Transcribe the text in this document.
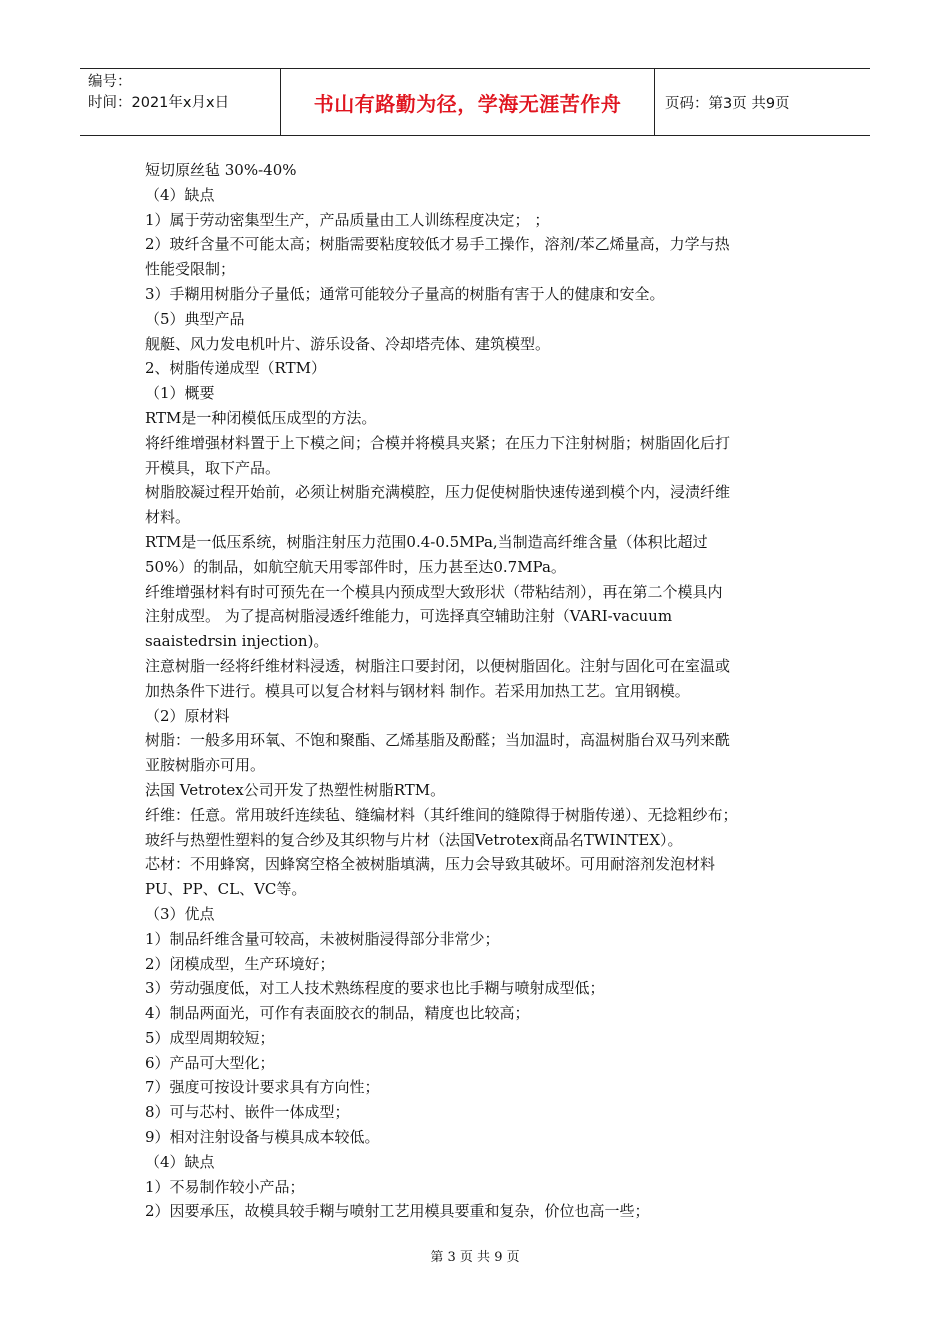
编号：
时间：2021年x月x日	书山有路勤为径，学海无涯苦作舟	页码：第3页 共9页

短切原丝毡 30%-40%

（4）缺点

1）属于劳动密集型生产，产品质量由工人训练程度决定； ；

2）玻纤含量不可能太高；树脂需要粘度较低才易手工操作，溶剂/苯乙烯量高，力学与热

性能受限制；

3）手糊用树脂分子量低；通常可能较分子量高的树脂有害于人的健康和安全。

（5）典型产品

舰艇、风力发电机叶片、游乐设备、冷却塔壳体、建筑模型。

2、树脂传递成型（RTM）

（1）概要

RTM是一种闭模低压成型的方法。

将纤维增强材料置于上下模之间；合模并将模具夹紧；在压力下注射树脂；树脂固化后打

开模具，取下产品。

树脂胶凝过程开始前，必须让树脂充满模腔，压力促使树脂快速传递到模个内，浸渍纤维

材料。

RTM是一低压系统，树脂注射压力范围0.4-0.5MPa,当制造高纤维含量（体积比超过

50%）的制品，如航空航天用零部件时，压力甚至达0.7MPa。

纤维增强材料有时可预先在一个模具内预成型大致形状（带粘结剂），再在第二个模具内

注射成型。 为了提高树脂浸透纤维能力，可选择真空辅助注射（VARI-vacuum

saaistedrsin injection)。

注意树脂一经将纤维材料浸透，树脂注口要封闭，以便树脂固化。注射与固化可在室温或

加热条件下进行。模具可以复合材料与钢材料 制作。若采用加热工艺。宜用钢模。

（2）原材料

树脂：一般多用环氧、不饱和聚酯、乙烯基脂及酚醛；当加温时，高温树脂台双马列来酰

亚胺树脂亦可用。

法国 Vetrotex公司开发了热塑性树脂RTM。

纤维：任意。常用玻纤连续毡、缝编材料（其纤维间的缝隙得于树脂传递）、无捻粗纱布；

玻纤与热塑性塑料的复合纱及其织物与片材（法国Vetrotex商品名TWINTEX）。

芯材：不用蜂窝，因蜂窝空格全被树脂填满，压力会导致其破坏。可用耐溶剂发泡材料

PU、PP、CL、VC等。

（3）优点

1）制品纤维含量可较高，未被树脂浸得部分非常少；

2）闭模成型，生产环境好；

3）劳动强度低，对工人技术熟练程度的要求也比手糊与喷射成型低；

4）制品两面光，可作有表面胶衣的制品，精度也比较高；

5）成型周期较短；

6）产品可大型化；

7）强度可按设计要求具有方向性；

8）可与芯村、嵌件一体成型；

9）相对注射设备与模具成本较低。

（4）缺点

1）不易制作较小产品；

2）因要承压，故模具较手糊与喷射工艺用模具要重和复杂，价位也高一些；

第 3 页 共 9 页
